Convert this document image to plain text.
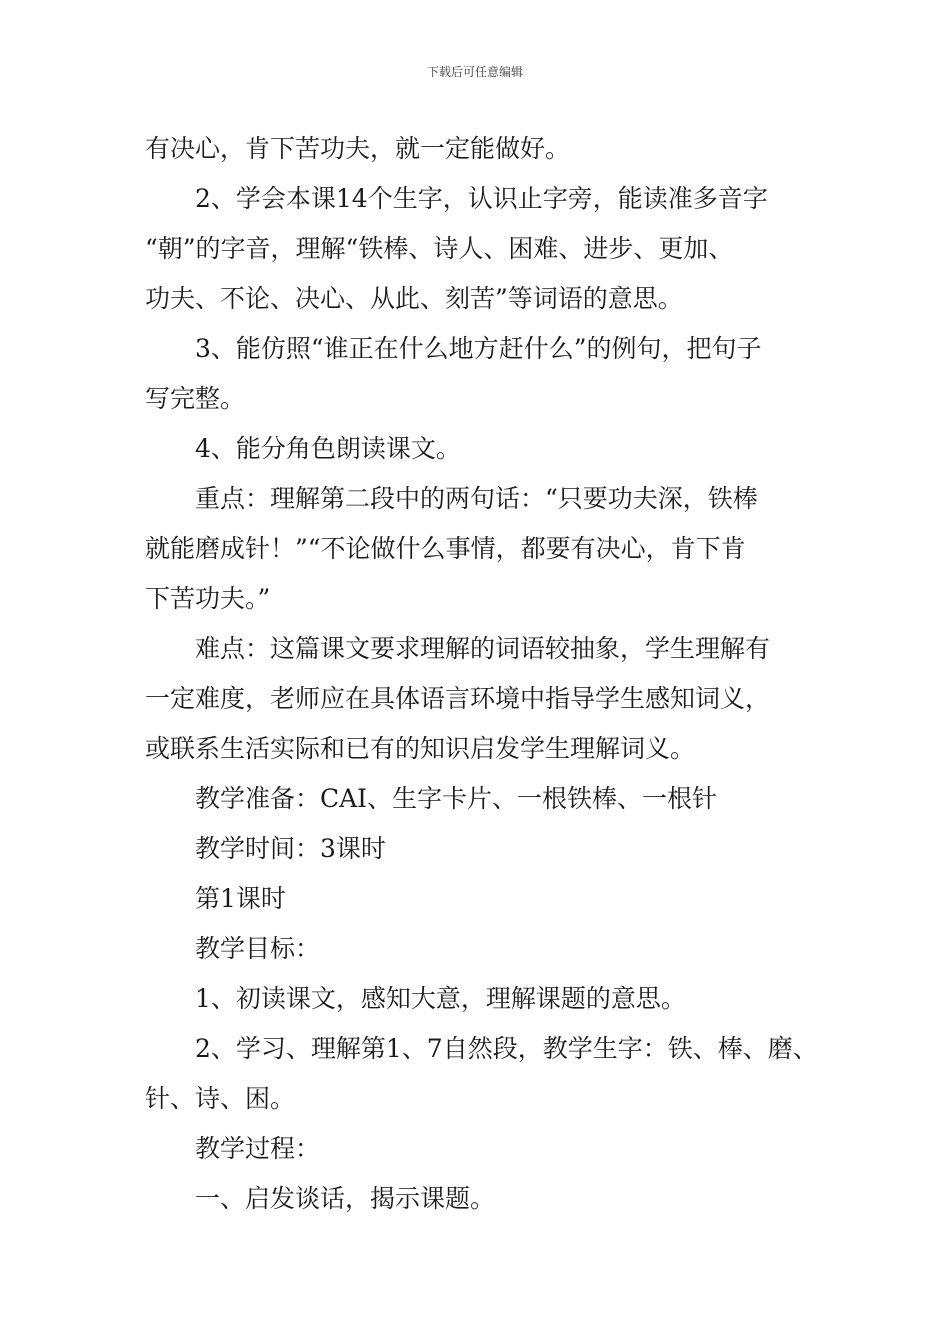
下载后可任意编辑

有决心，肯下苦功夫，就一定能做好。

2、学会本课14个生字，认识止字旁，能读准多音字

“朝”的字音，理解“铁棒、诗人、困难、进步、更加、

功夫、不论、决心、从此、刻苦”等词语的意思。

3、能仿照“谁正在什么地方赶什么”的例句，把句子

写完整。

4、能分角色朗读课文。

重点：理解第二段中的两句话：“只要功夫深，铁棒

就能磨成针！”“不论做什么事情，都要有决心，肯下肯

下苦功夫。”

难点：这篇课文要求理解的词语较抽象，学生理解有

一定难度，老师应在具体语言环境中指导学生感知词义，

或联系生活实际和已有的知识启发学生理解词义。

教学准备：CAI、生字卡片、一根铁棒、一根针

教学时间：3课时

第1课时

教学目标：

1、初读课文，感知大意，理解课题的意思。

2、学习、理解第1、7自然段，教学生字：铁、棒、磨、

针、诗、困。

教学过程：

一、启发谈话，揭示课题。
